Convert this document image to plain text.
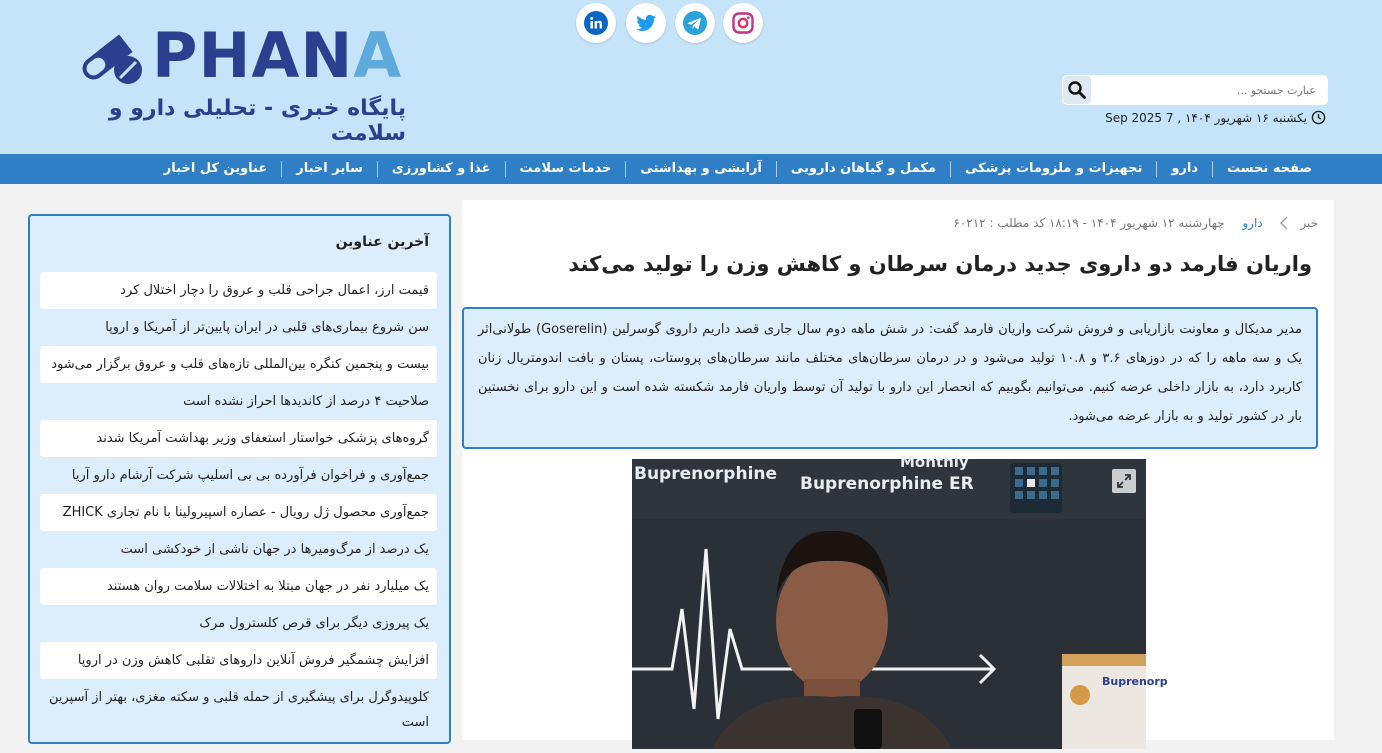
PHANA
پایگاه خبری - تحلیلی دارو و سلامت
عبارت جستجو ...
یکشنبه ۱۶ شهریور ۱۴۰۴ , 7 Sep 2025
صفحه نخست
دارو
تجهیزات و ملزومات پزشکی
مکمل و گیاهان دارویی
آرایشی و بهداشتی
خدمات سلامت
غذا و کشاورزی
سایر اخبار
عناوین کل اخبار
آخرین عناوین
قیمت ارز، اعمال جراحی قلب و عروق را دچار اختلال کرد
سن شروع بیماری‌های قلبی در ایران پایین‌تر از آمریکا و اروپا
بیست و پنجمین کنگره بین‌المللی تازه‌های قلب و عروق برگزار می‌شود
صلاحیت ۴ درصد از کاندیدها احراز نشده است
گروه‌های پزشکی خواستار استعفای وزیر بهداشت آمریکا شدند
جمع‌آوری و فراخوان فرآورده بی بی اسلیپ شرکت آرشام دارو آریا
جمع‌آوری محصول ژل رویال - عصاره اسپیرولینا با نام تجاری ZHICK
یک درصد از مرگ‌ومیرها در جهان ناشی از خودکشی است
یک میلیارد نفر در جهان مبتلا به اختلالات سلامت روان هستند
یک پیروزی دیگر برای قرص کلسترول مرک
افزایش چشمگیر فروش آنلاین داروهای تقلبی کاهش وزن در اروپا
کلوپیدوگرل برای پیشگیری از حمله قلبی و سکته مغزی، بهتر از آسپرین است
خبر  دارو چهارشنبه ۱۲ شهریور ۱۴۰۴ - ۱۸:۱۹ کد مطلب : ۶۰۲۱۲
واریان فارمد دو داروی جدید درمان سرطان و کاهش وزن را تولید می‌کند
مدیر مدیکال و معاونت بازاریابی و فروش شرکت واریان فارمد گفت: در شش ماهه دوم سال جاری قصد داریم داروی گوسرلین (Goserelin) طولانی‌اثر یک و سه ماهه را که در دوزهای ۳.۶ و ۱۰.۸ تولید می‌شود و در درمان سرطان‌های مختلف مانند سرطان‌های پروستات، پستان و بافت اندومتریال زنان کاربرد دارد، به بازار داخلی عرضه کنیم. می‌توانیم بگوییم که انحصار این دارو با تولید آن توسط واریان فارمد شکسته شده است و این دارو برای نخستین بار در کشور تولید و به بازار عرضه می‌شود.
Buprenorphine
Monthly
Buprenorphine ER
Buprenorp
